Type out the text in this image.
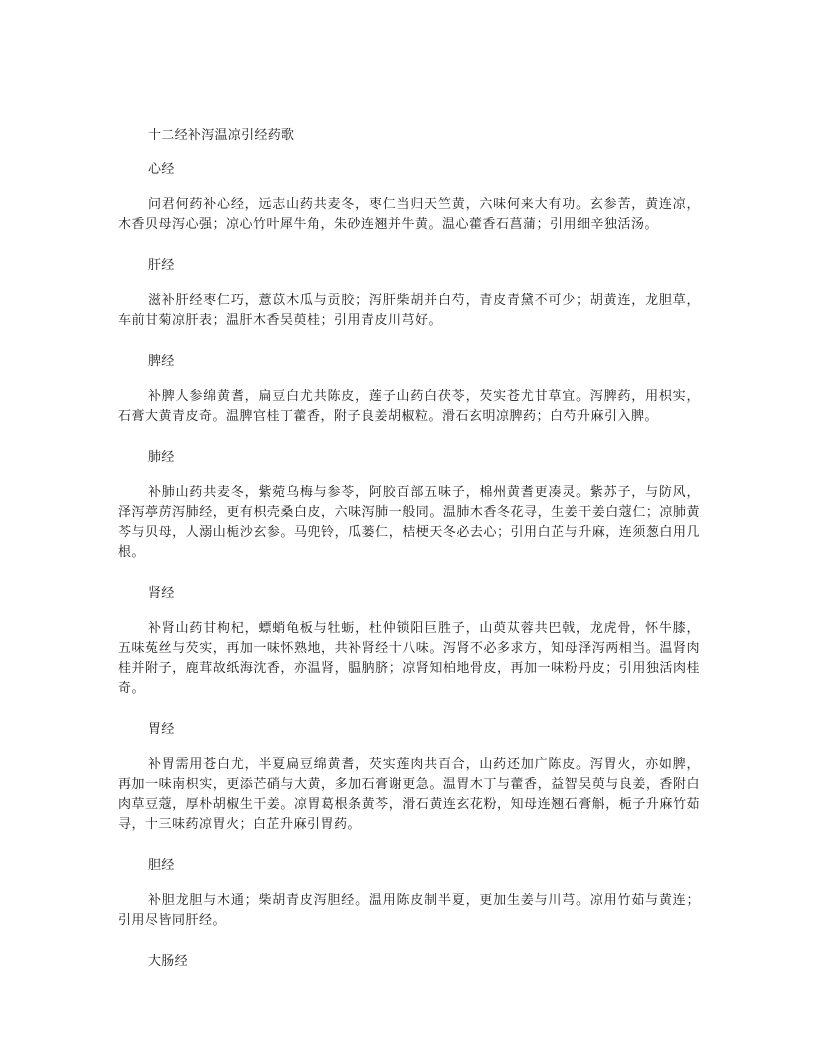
十二经补泻温凉引经药歌

心经

问君何药补心经，远志山药共麦冬，枣仁当归天竺黄，六味何来大有功。玄参苦，黄连凉，木香贝母泻心强；凉心竹叶犀牛角，朱砂连翘并牛黄。温心藿香石菖蒲；引用细辛独活汤。

肝经

滋补肝经枣仁巧，薏苡木瓜与贡胶；泻肝柴胡并白芍，青皮青黛不可少；胡黄连，龙胆草，车前甘菊凉肝表；温肝木香吴萸桂；引用青皮川芎好。

脾经

补脾人参绵黄耆，扁豆白尤共陈皮，莲子山药白茯苓，芡实苍尤甘草宜。泻脾药，用枳实，石膏大黄青皮奇。温脾官桂丁藿香，附子良姜胡椒粒。滑石玄明凉脾药；白芍升麻引入脾。

肺经

补肺山药共麦冬，紫菀乌梅与参苓，阿胶百部五味子，棉州黄耆更凑灵。紫苏子，与防风，泽泻葶苈泻肺经，更有枳壳桑白皮，六味泻肺一般同。温肺木香冬花寻，生姜干姜白蔻仁；凉肺黄芩与贝母，人溺山栀沙玄参。马兜铃，瓜蒌仁，桔梗天冬必去心；引用白芷与升麻，连须葱白用几根。

肾经

补肾山药甘枸杞，螵蛸龟板与牡蛎，杜仲锁阳巨胜子，山萸苁蓉共巴戟，龙虎骨，怀牛膝，五味菟丝与芡实，再加一味怀熟地，共补肾经十八味。泻肾不必多求方，知母泽泻两相当。温肾肉桂并附子，鹿茸故纸海沈香，亦温肾，腽肭脐；凉肾知柏地骨皮，再加一味粉丹皮；引用独活肉桂奇。

胃经

补胃需用苍白尤，半夏扁豆绵黄耆，芡实莲肉共百合，山药还加广陈皮。泻胃火，亦如脾，再加一味南枳实，更添芒硝与大黄，多加石膏谢更急。温胃木丁与藿香，益智吴萸与良姜，香附白肉草豆蔻，厚朴胡椒生干姜。凉胃葛根条黄芩，滑石黄连玄花粉，知母连翘石膏斛，栀子升麻竹茹寻，十三味药凉胃火；白芷升麻引胃药。

胆经

补胆龙胆与木通；柴胡青皮泻胆经。温用陈皮制半夏，更加生姜与川芎。凉用竹茹与黄连；引用尽皆同肝经。

大肠经
